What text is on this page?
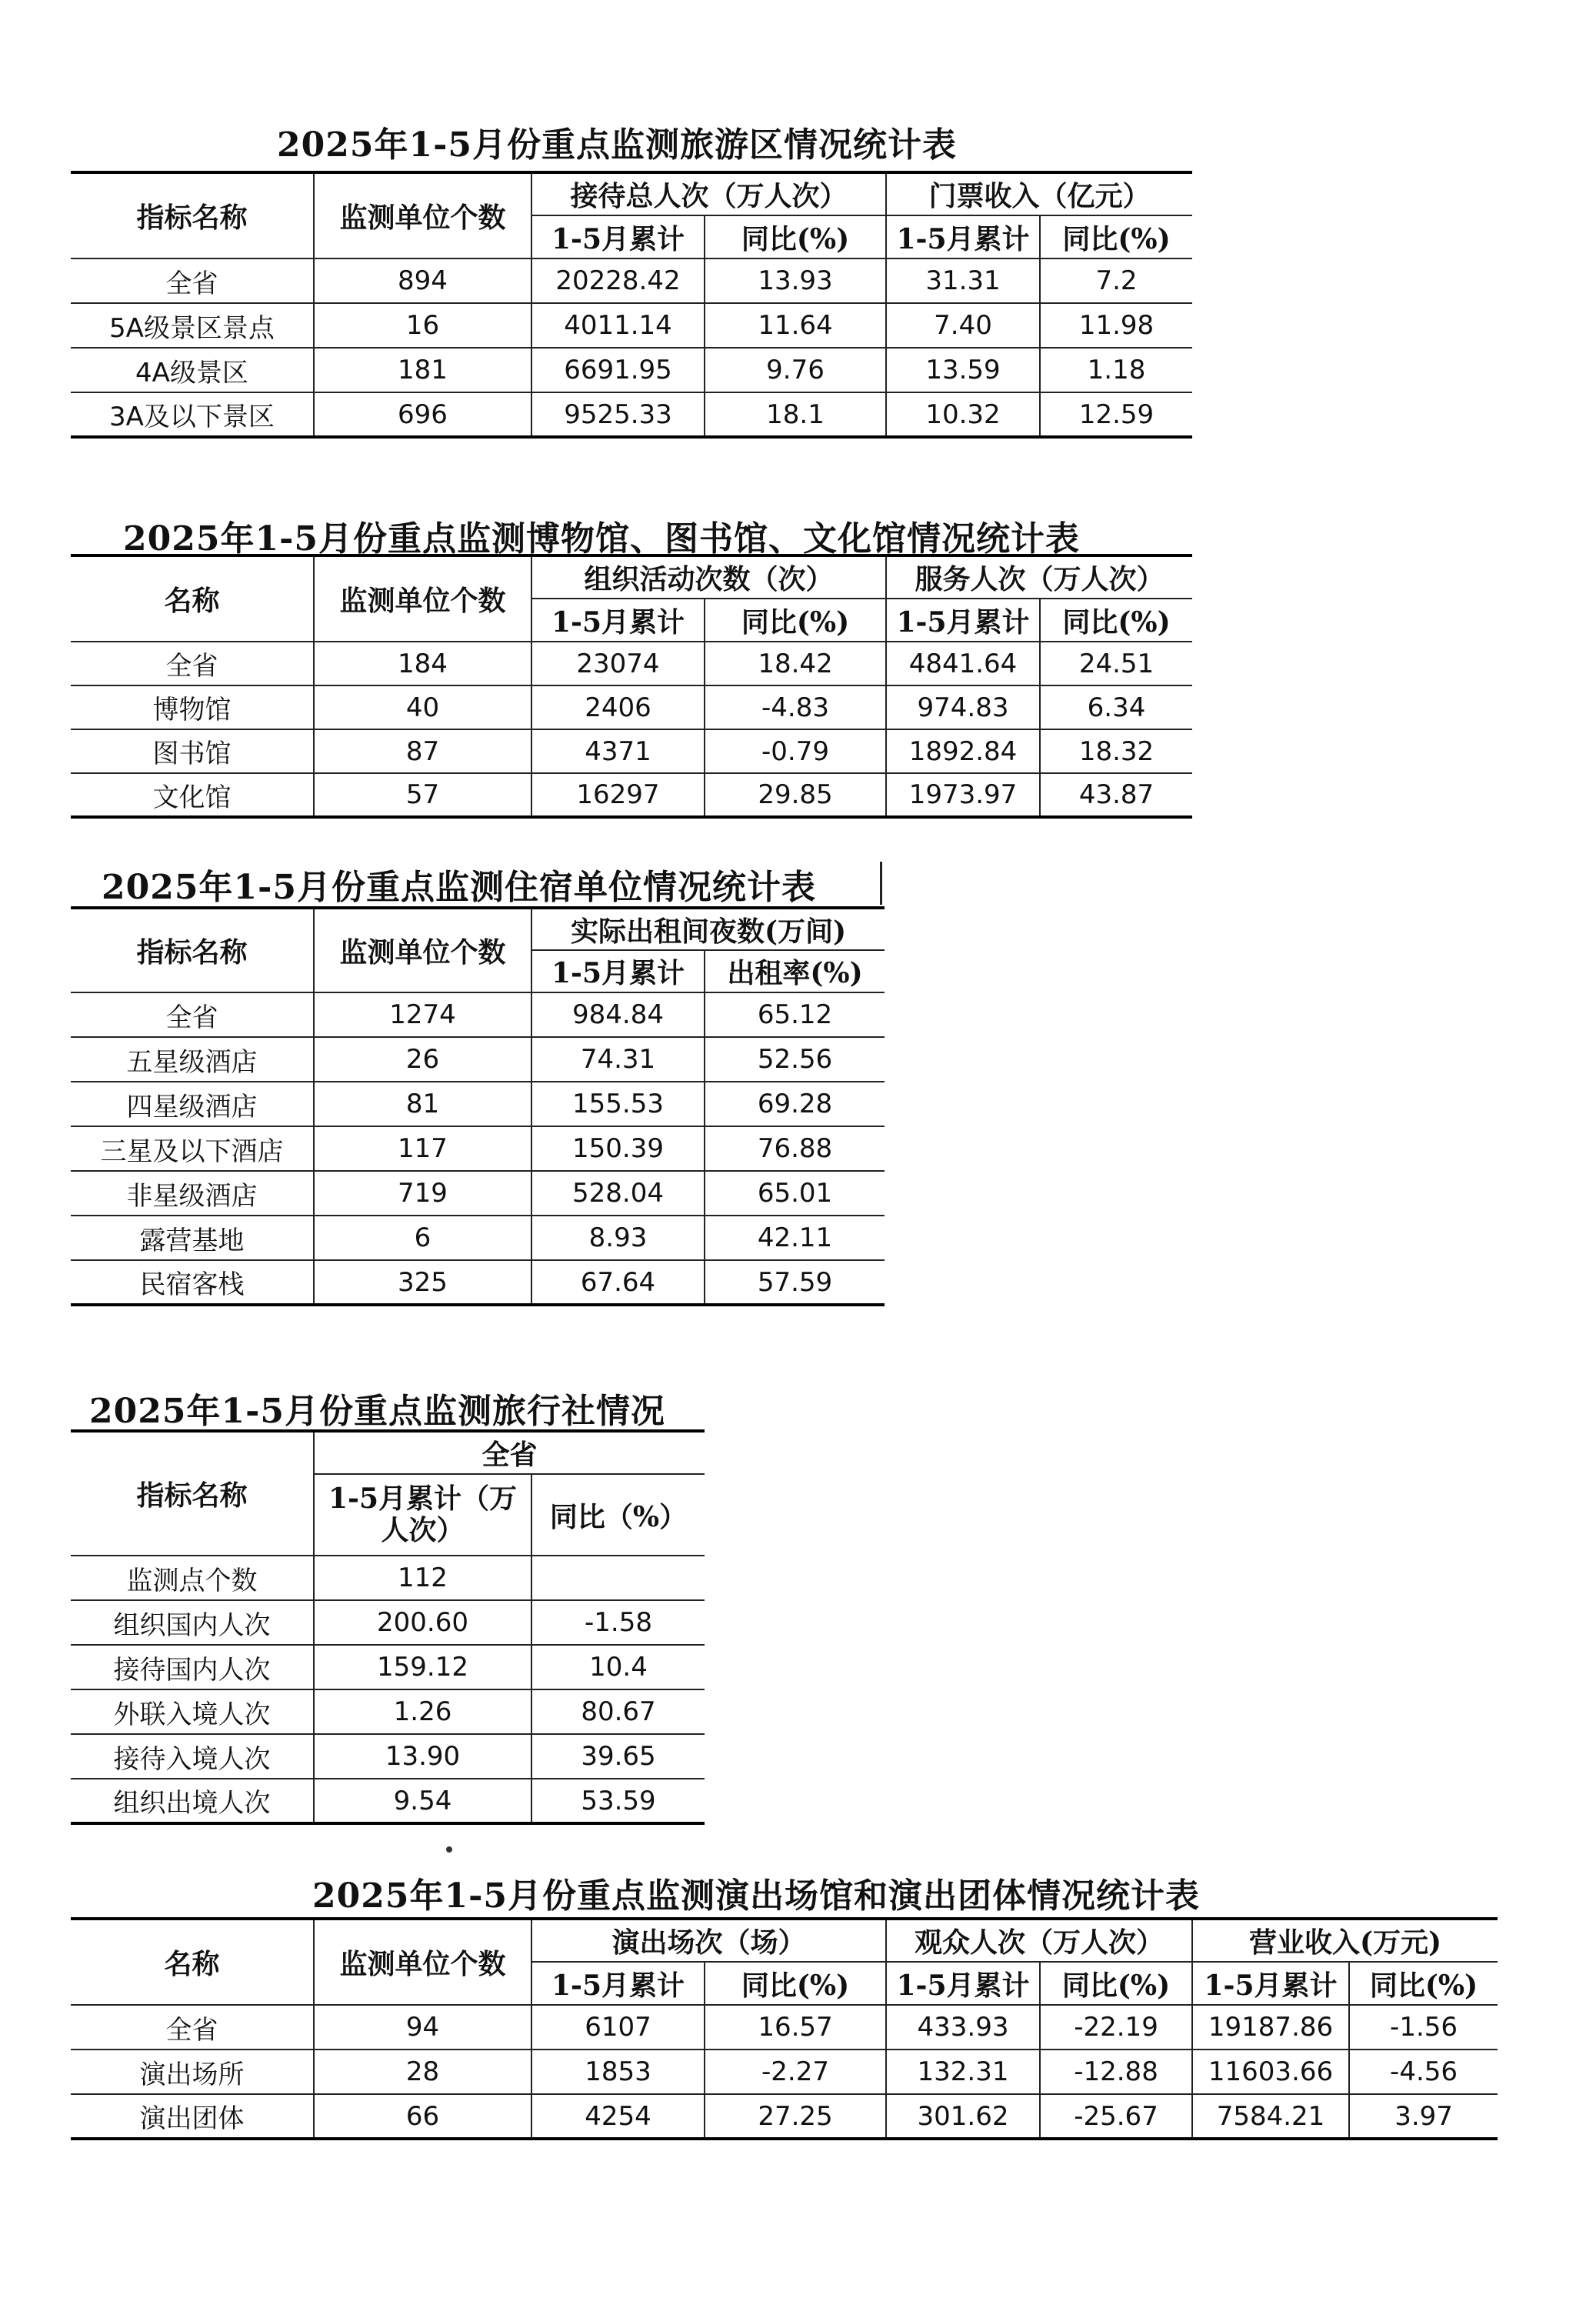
2025年1-5月份重点监测旅游区情况统计表
指标名称	监测单位个数	接待总人次（万人次）		门票收入（亿元）	
		1-5月累计	同比(%)	1-5月累计	同比(%)
全省	894	20228.42	13.93	31.31	7.2
5A级景区景点	16	4011.14	11.64	7.40	11.98
4A级景区	181	6691.95	9.76	13.59	1.18
3A及以下景区	696	9525.33	18.1	10.32	12.59
2025年1-5月份重点监测博物馆、图书馆、文化馆情况统计表
名称	监测单位个数	组织活动次数（次）		服务人次（万人次）	
		1-5月累计	同比(%)	1-5月累计	同比(%)
全省	184	23074	18.42	4841.64	24.51
博物馆	40	2406	-4.83	974.83	6.34
图书馆	87	4371	-0.79	1892.84	18.32
文化馆	57	16297	29.85	1973.97	43.87
2025年1-5月份重点监测住宿单位情况统计表
指标名称	监测单位个数	实际出租间夜数(万间)	
		1-5月累计	出租率(%)
全省	1274	984.84	65.12
五星级酒店	26	74.31	52.56
四星级酒店	81	155.53	69.28
三星及以下酒店	117	150.39	76.88
非星级酒店	719	528.04	65.01
露营基地	6	8.93	42.11
民宿客栈	325	67.64	57.59
2025年1-5月份重点监测旅行社情况
指标名称	全省	
	1-5月累计（万人次）	同比（%）
监测点个数	112	
组织国内人次	200.60	-1.58
接待国内人次	159.12	10.4
外联入境人次	1.26	80.67
接待入境人次	13.90	39.65
组织出境人次	9.54	53.59
2025年1-5月份重点监测演出场馆和演出团体情况统计表
名称	监测单位个数	演出场次（场）		观众人次（万人次）		营业收入(万元)	
		1-5月累计	同比(%)	1-5月累计	同比(%)	1-5月累计	同比(%)
全省	94	6107	16.57	433.93	-22.19	19187.86	-1.56
演出场所	28	1853	-2.27	132.31	-12.88	11603.66	-4.56
演出团体	66	4254	27.25	301.62	-25.67	7584.21	3.97
